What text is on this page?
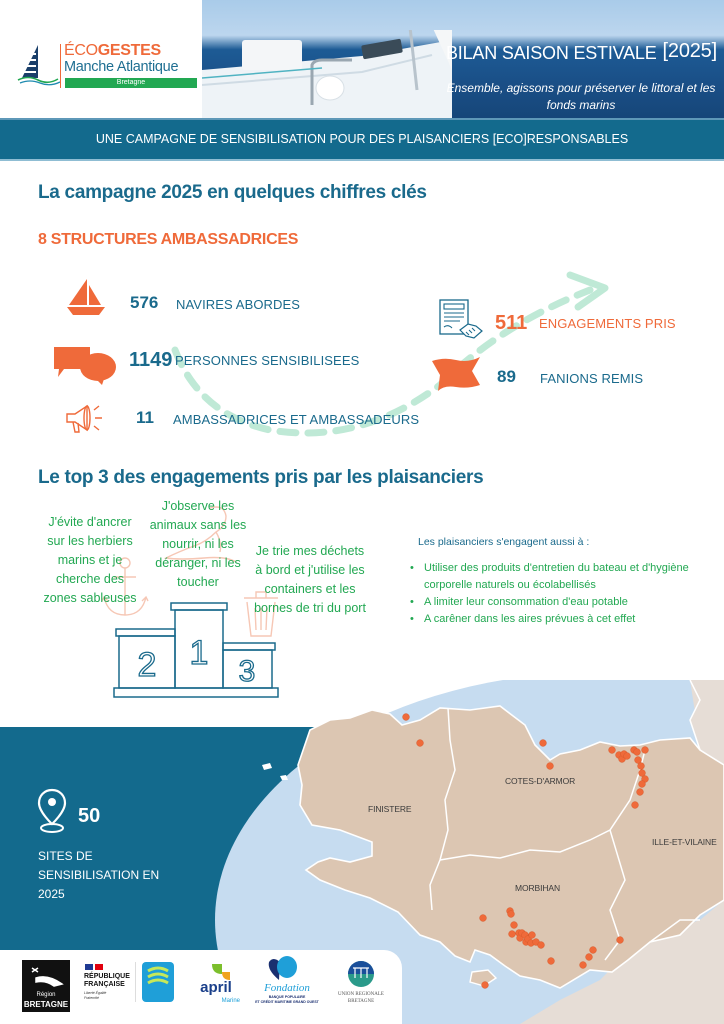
ÉCOGESTES
Manche Atlantique
Bretagne
BILAN SAISON ESTIVALE [2025]
Ensemble, agissons pour préserver le littoral et les fonds marins
UNE CAMPAGNE DE SENSIBILISATION POUR DES PLAISANCIERS [ECO]RESPONSABLES
La campagne 2025 en quelques chiffres clés
8 STRUCTURES AMBASSADRICES
576 NAVIRES ABORDES
1149 PERSONNES SENSIBILISEES
11 AMBASSADRICES ET AMBASSADEURS
511 ENGAGEMENTS PRIS
89 FANIONS REMIS
Le top 3 des engagements pris par les plaisanciers
J'évite d'ancrer sur les herbiers marins et je cherche des zones sableuses
J'observe les animaux sans les nourrir, ni les déranger, ni les toucher
Je trie mes déchets à bord et j'utilise les containers et les bornes de tri du port
2 1 3
Les plaisanciers s'engagent aussi à :
• Utiliser des produits d'entretien du bateau et d'hygiène corporelle naturels ou écolabellisés
• A limiter leur consommation d'eau potable
• A carêner dans les aires prévues à cet effet
50
SITES DE SENSIBILISATION EN 2025
FINISTERE
COTES-D'ARMOR
ILLE-ET-VILAINE
MORBIHAN
Région
BRETAGNE
RÉPUBLIQUE
FRANÇAISE
Liberté Égalité Fraternité
april
Marine
Fondation
BANQUE POPULAIRE
ET CRÉDIT MARITIME GRAND OUEST
UNION REGIONALE
BRETAGNE
